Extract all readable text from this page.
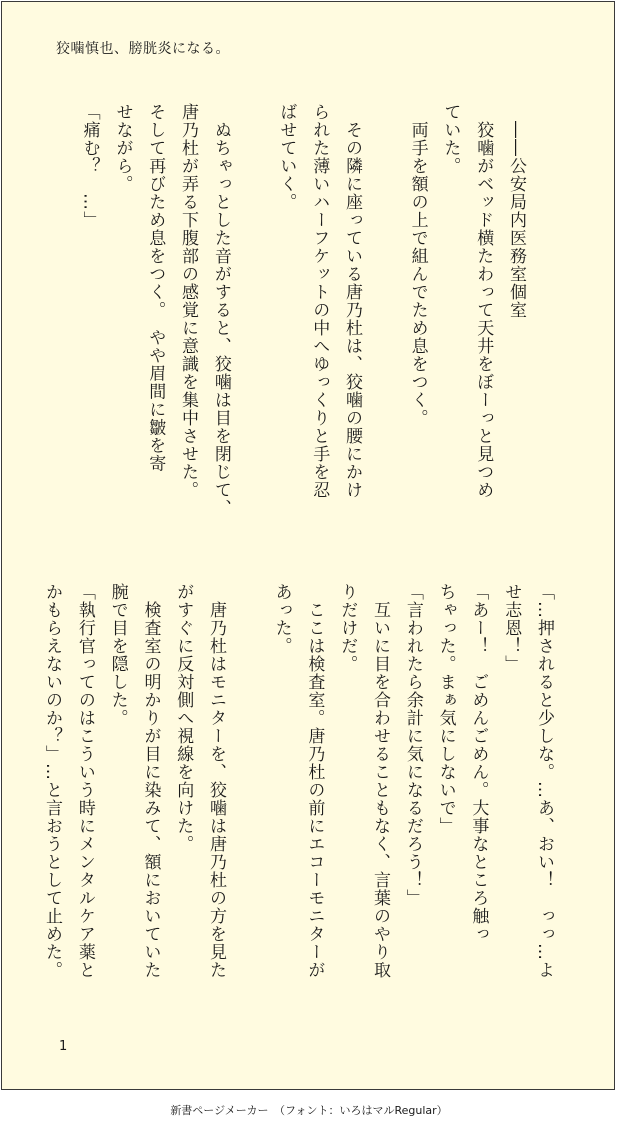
狡噛慎也、膀胱炎になる。

　――公安局内医務室個室

　狡噛がベッド横たわって天井をぼーっと見つめ

ていた。

　両手を額の上で組んでため息をつく。

　その隣に座っている唐乃杜は、狡噛の腰にかけ

られた薄いハーフケットの中へゆっくりと手を忍

ばせていく。

　ぬちゃっとした音がすると、狡噛は目を閉じて、

唐乃杜が弄る下腹部の感覚に意識を集中させた。

そして再びため息をつく。　やや眉間に皺を寄

せながら。

「痛む？　…」

「…押されると少しな。…あ、おい！　っっ…よ

せ志恩！」

「あー！　ごめんごめん。大事なところ触っ

ちゃった。まぁ気にしないで」

「言われたら余計に気になるだろう！」

　互いに目を合わせることもなく、言葉のやり取

りだけだ。

　ここは検査室。唐乃杜の前にエコーモニターが

あった。

　唐乃杜はモニターを、狡噛は唐乃杜の方を見た

がすぐに反対側へ視線を向けた。

　検査室の明かりが目に染みて、額においていた

腕で目を隠した。

「執行官ってのはこういう時にメンタルケア薬と

かもらえないのか？」…と言おうとして止めた。

1
新書ページメーカー　（フォント：いろはマルRegular）
